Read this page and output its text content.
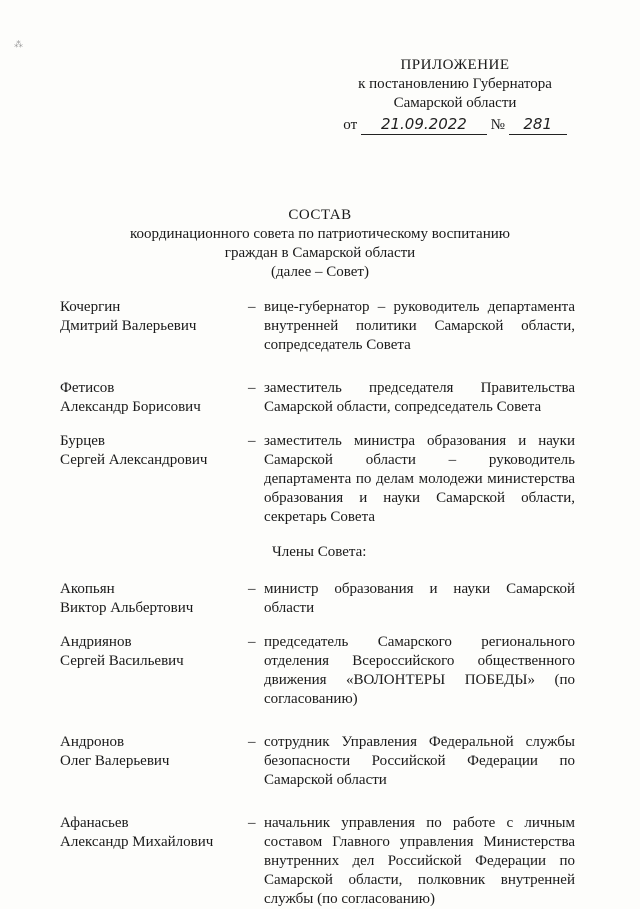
⁂
ПРИЛОЖЕНИЕ
к постановлению Губернатора
Самарской области
от 21.09.2022 № 281
СОСТАВ
координационного совета по патриотическому воспитанию
граждан в Самарской области
(далее – Совет)
Кочергин
Дмитрий Валерьевич
– вице-губернатор – руководитель департамента внутренней политики Самарской области, сопредседатель Совета
Фетисов
Александр Борисович
– заместитель председателя Правительства Самарской области, сопредседатель Совета
Бурцев
Сергей Александрович
– заместитель министра образования и науки Самарской области – руководитель департамента по делам молодежи министерства образования и науки Самарской области, секретарь Совета
Члены Совета:
Акопьян
Виктор Альбертович
– министр образования и науки Самарской области
Андриянов
Сергей Васильевич
– председатель Самарского регионального отделения Всероссийского общественного движения «ВОЛОНТЕРЫ ПОБЕДЫ» (по согласованию)
Андронов
Олег Валерьевич
– сотрудник Управления Федеральной службы безопасности Российской Федерации по Самарской области
Афанасьев
Александр Михайлович
– начальник управления по работе с личным составом Главного управления Министерства внутренних дел Российской Федерации по Самарской области, полковник внутренней службы (по согласованию)
